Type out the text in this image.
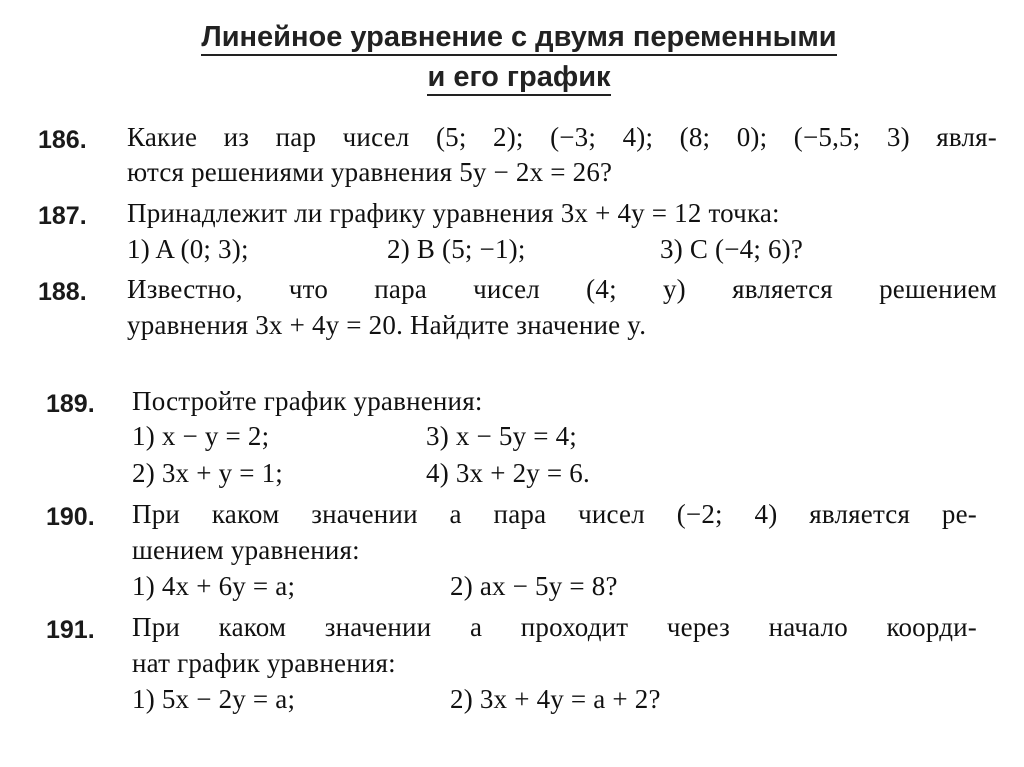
Линейное уравнение с двумя переменными
и его график
186. Какие из пар чисел (5; 2); (−3; 4); (8; 0); (−5,5; 3) явля-
ются решениями уравнения 5y − 2x = 26?
187. Принадлежит ли графику уравнения 3x + 4y = 12 точка:
1) A (0; 3);	2) B (5; −1);	3) C (−4; 6)?
188. Известно, что пара чисел (4; y) является решением
уравнения 3x + 4y = 20. Найдите значение y.
189. Постройте график уравнения:
1) x − y = 2;	3) x − 5y = 4;
2) 3x + y = 1;	4) 3x + 2y = 6.
190. При каком значении a пара чисел (−2; 4) является ре-
шением уравнения:
1) 4x + 6y = a;	2) ax − 5y = 8?
191. При каком значении a проходит через начало коорди-
нат график уравнения:
1) 5x − 2y = a;	2) 3x + 4y = a + 2?
